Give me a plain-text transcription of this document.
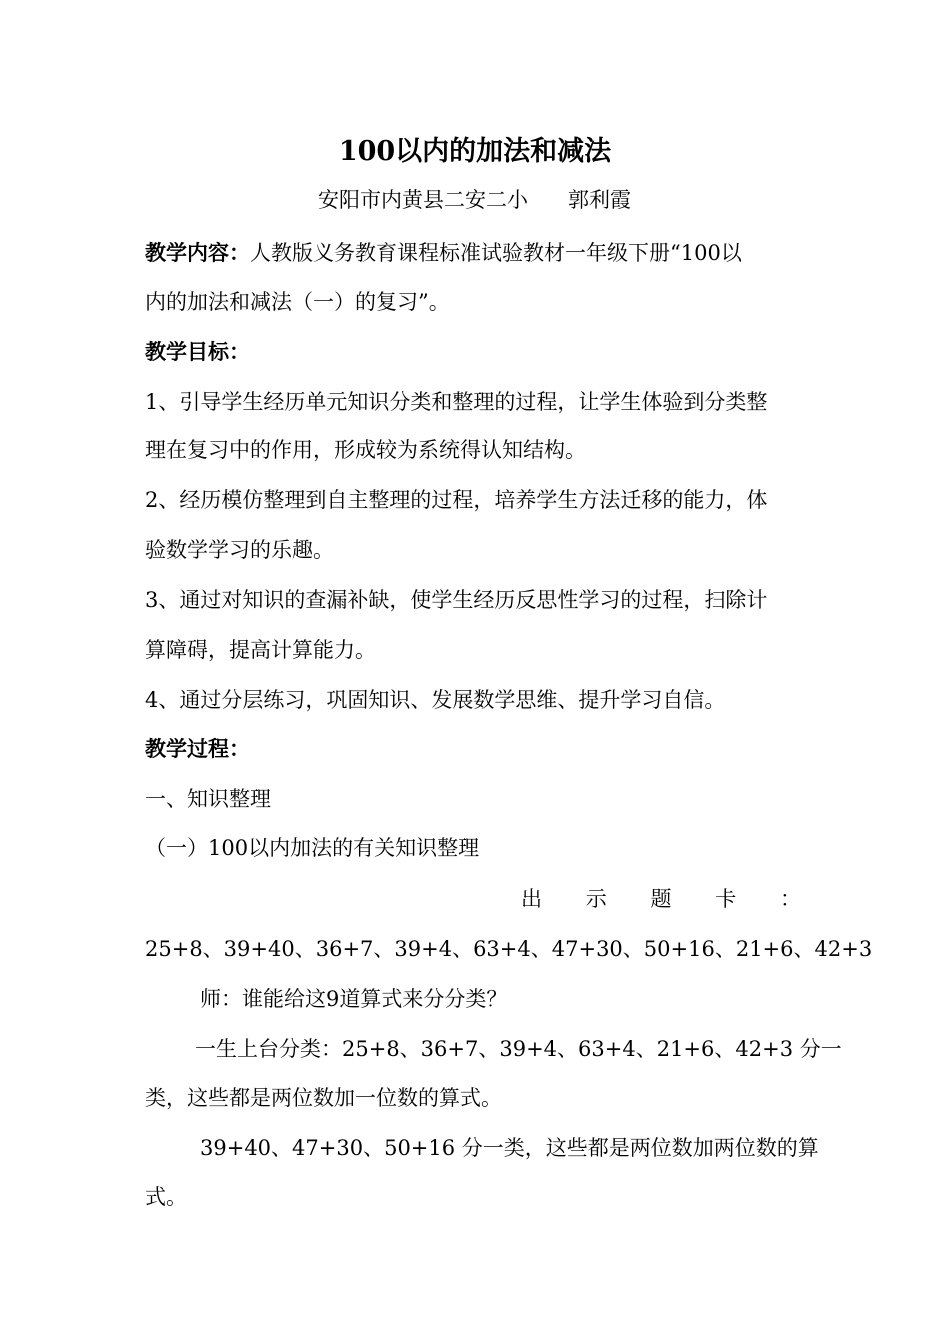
100以内的加法和减法
安阳市内黄县二安二小 郭利霞
教学内容：人教版义务教育课程标准试验教材一年级下册“100以
内的加法和减法（一）的复习”。
教学目标：
1、引导学生经历单元知识分类和整理的过程，让学生体验到分类整
理在复习中的作用，形成较为系统得认知结构。
2、经历模仿整理到自主整理的过程，培养学生方法迁移的能力，体
验数学学习的乐趣。
3、通过对知识的查漏补缺，使学生经历反思性学习的过程，扫除计
算障碍，提高计算能力。
4、通过分层练习，巩固知识、发展数学思维、提升学习自信。
教学过程：
一、知识整理
（一）100以内加法的有关知识整理
出 示 题 卡 ：
25+8、39+40、36+7、39+4、63+4、47+30、50+16、21+6、42+3
师：谁能给这9道算式来分分类？
一生上台分类：25+8、36+7、39+4、63+4、21+6、42+3 分一
类，这些都是两位数加一位数的算式。
39+40、47+30、50+16 分一类，这些都是两位数加两位数的算
式。
